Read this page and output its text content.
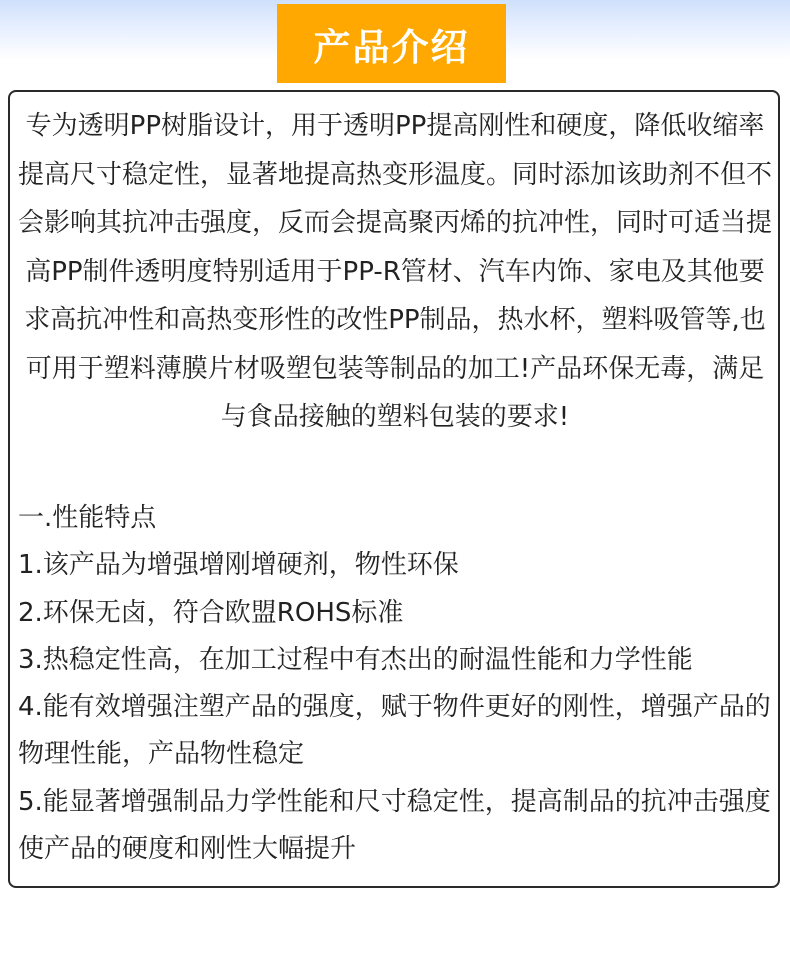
产品介绍

专为透明PP树脂设计，用于透明PP提高刚性和硬度，降低收缩率提高尺寸稳定性，显著地提高热变形温度。同时添加该助剂不但不会影响其抗冲击强度，反而会提高聚丙烯的抗冲性，同时可适当提高PP制件透明度特别适用于PP-R管材、汽车内饰、家电及其他要求高抗冲性和高热变形性的改性PP制品，热水杯，塑料吸管等,也可用于塑料薄膜片材吸塑包装等制品的加工!产品环保无毒，满足与食品接触的塑料包装的要求!

一.性能特点
1.该产品为增强增刚增硬剂，物性环保
2.环保无卤，符合欧盟ROHS标准
3.热稳定性高，在加工过程中有杰出的耐温性能和力学性能
4.能有效增强注塑产品的强度，赋于物件更好的刚性，增强产品的物理性能，产品物性稳定
5.能显著增强制品力学性能和尺寸稳定性，提高制品的抗冲击强度使产品的硬度和刚性大幅提升
